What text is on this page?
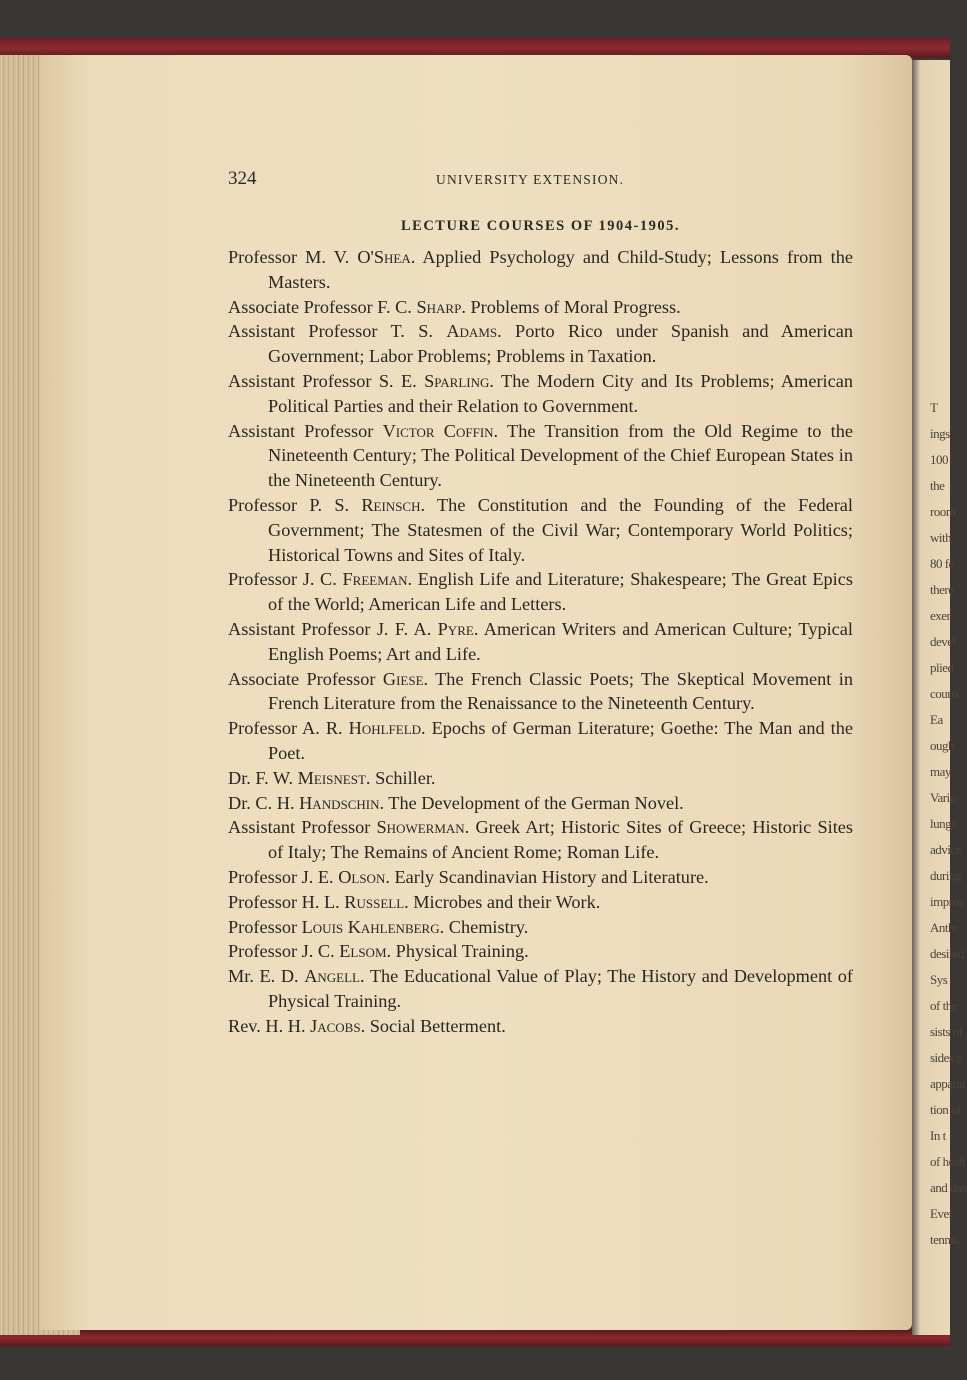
T
ings
100
the
room
with
80 fe
there
exer
devel
plied
courts
Ea
ough
may
Vario
lungs
advice
during
improv
Anthr
desired
Sys
of the
sists of
sides p
apparat
tion of
In t
of healt
and dan
Ever
tennis,
324	UNIVERSITY EXTENSION.
LECTURE COURSES OF 1904-1905.
Professor M. V. O'Shea. Applied Psychology and Child-Study; Lessons from the Masters.
Associate Professor F. C. Sharp. Problems of Moral Progress.
Assistant Professor T. S. Adams. Porto Rico under Spanish and American Government; Labor Problems; Problems in Taxation.
Assistant Professor S. E. Sparling. The Modern City and Its Problems; American Political Parties and their Relation to Government.
Assistant Professor Victor Coffin. The Transition from the Old Regime to the Nineteenth Century; The Political Development of the Chief European States in the Nineteenth Century.
Professor P. S. Reinsch. The Constitution and the Founding of the Federal Government; The Statesmen of the Civil War; Contemporary World Politics; Historical Towns and Sites of Italy.
Professor J. C. Freeman. English Life and Literature; Shakespeare; The Great Epics of the World; American Life and Letters.
Assistant Professor J. F. A. Pyre. American Writers and American Culture; Typical English Poems; Art and Life.
Associate Professor Giese. The French Classic Poets; The Skeptical Movement in French Literature from the Renaissance to the Nineteenth Century.
Professor A. R. Hohlfeld. Epochs of German Literature; Goethe: The Man and the Poet.
Dr. F. W. Meisnest. Schiller.
Dr. C. H. Handschin. The Development of the German Novel.
Assistant Professor Showerman. Greek Art; Historic Sites of Greece; Historic Sites of Italy; The Remains of Ancient Rome; Roman Life.
Professor J. E. Olson. Early Scandinavian History and Literature.
Professor H. L. Russell. Microbes and their Work.
Professor Louis Kahlenberg. Chemistry.
Professor J. C. Elsom. Physical Training.
Mr. E. D. Angell. The Educational Value of Play; The History and Development of Physical Training.
Rev. H. H. Jacobs. Social Betterment.
